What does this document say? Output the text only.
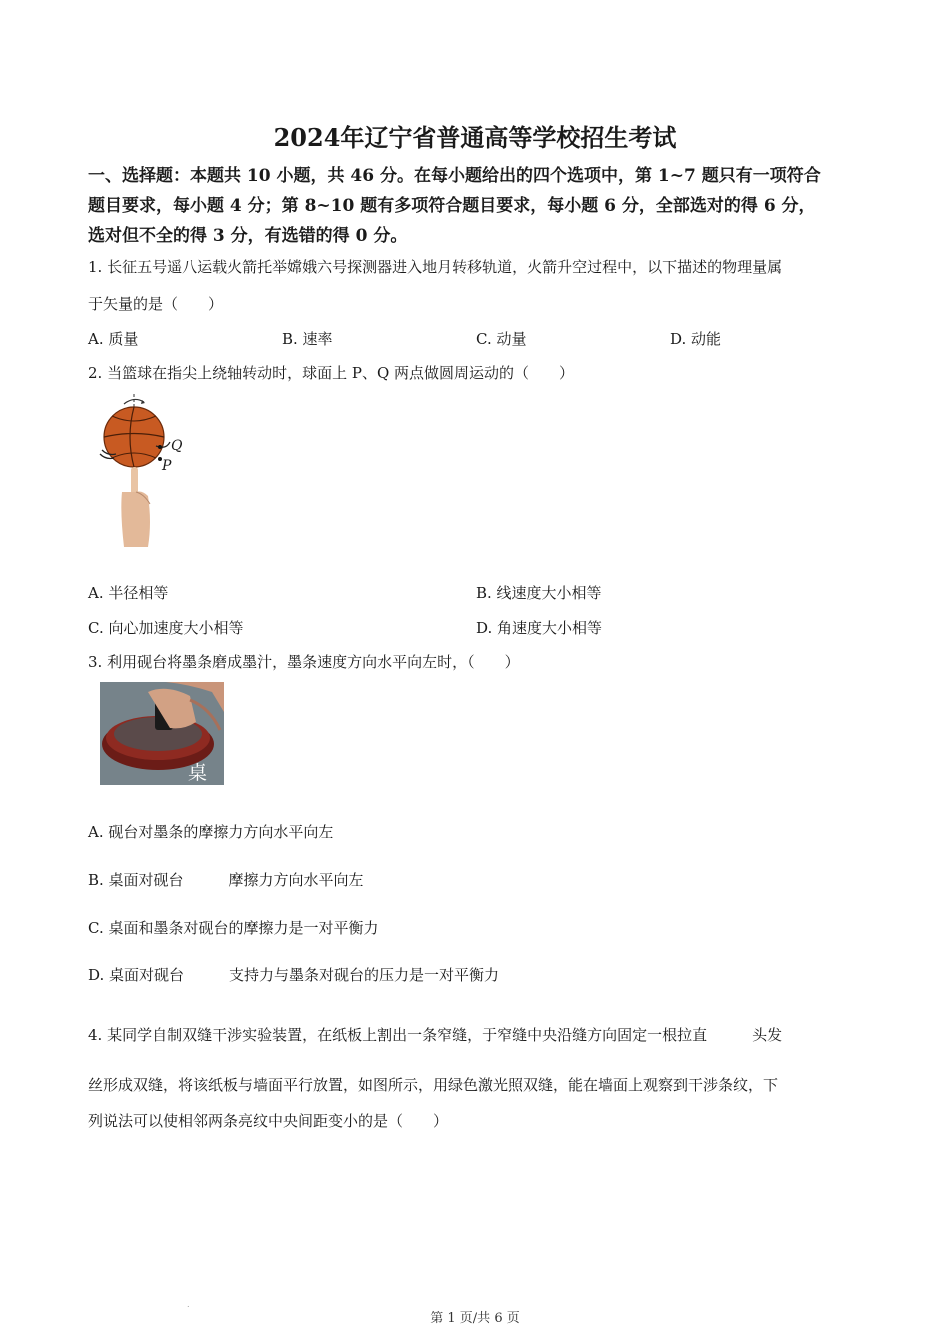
2024年辽宁省普通高等学校招生考试
一、选择题：本题共 10 小题，共 46 分。在每小题给出的四个选项中，第 1~7 题只有一项符合
题目要求，每小题 4 分；第 8~10 题有多项符合题目要求，每小题 6 分，全部选对的得 6 分，
选对但不全的得 3 分，有选错的得 0 分。
1. 长征五号遥八运载火箭托举嫦娥六号探测器进入地月转移轨道，火箭升空过程中，以下描述的物理量属
于矢量的是（　　）
A. 质量	B. 速率	C. 动量	D. 动能
2. 当篮球在指尖上绕轴转动时，球面上 P、Q 两点做圆周运动的（　　）
Q
P
A. 半径相等	B. 线速度大小相等
C. 向心加速度大小相等	D. 角速度大小相等
3. 利用砚台将墨条磨成墨汁，墨条速度方向水平向左时，（　　）
桌
A. 砚台对墨条的摩擦力方向水平向左
B. 桌面对砚台　　　摩擦力方向水平向左
C. 桌面和墨条对砚台的摩擦力是一对平衡力
D. 桌面对砚台　　　支持力与墨条对砚台的压力是一对平衡力
4. 某同学自制双缝干涉实验装置，在纸板上割出一条窄缝，于窄缝中央沿缝方向固定一根拉直　　　头发
丝形成双缝，将该纸板与墙面平行放置，如图所示，用绿色激光照双缝，能在墙面上观察到干涉条纹，下
列说法可以使相邻两条亮纹中央间距变小的是（　　）
.
第 1 页/共 6 页
